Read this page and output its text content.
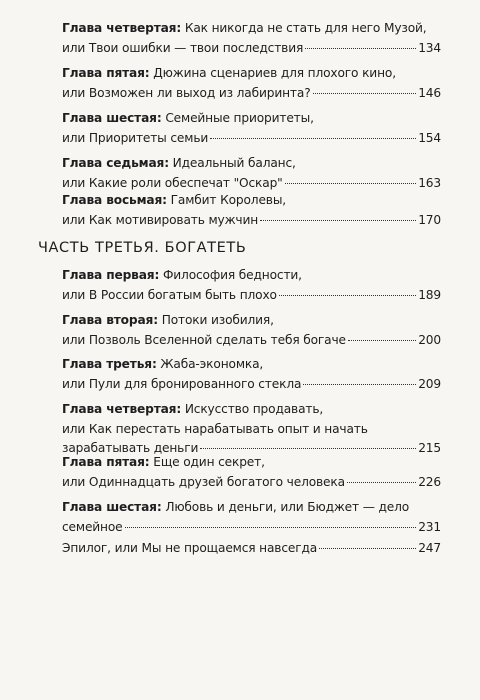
Глава четвертая: Как никогда не стать для него Музой,
или Твои ошибки — твои последствия	134
Глава пятая: Дюжина сценариев для плохого кино,
или Возможен ли выход из лабиринта?	146
Глава шестая: Семейные приоритеты,
или Приоритеты семьи	154
Глава седьмая: Идеальный баланс,
или Какие роли обеспечат "Оскар"	163
Глава восьмая: Гамбит Королевы,
или Как мотивировать мужчин	170
ЧАСТЬ ТРЕТЬЯ. БОГАТЕТЬ
Глава первая: Философия бедности,
или В России богатым быть плохо	189
Глава вторая: Потоки изобилия,
или Позволь Вселенной сделать тебя богаче	200
Глава третья: Жаба-экономка,
или Пули для бронированного стекла	209
Глава четвертая: Искусство продавать,
или Как перестать нарабатывать опыт и начать
зарабатывать деньги	215
Глава пятая: Еще один секрет,
или Одиннадцать друзей богатого человека	226
Глава шестая: Любовь и деньги, или Бюджет — дело
семейное	231
Эпилог, или Мы не прощаемся навсегда	247
